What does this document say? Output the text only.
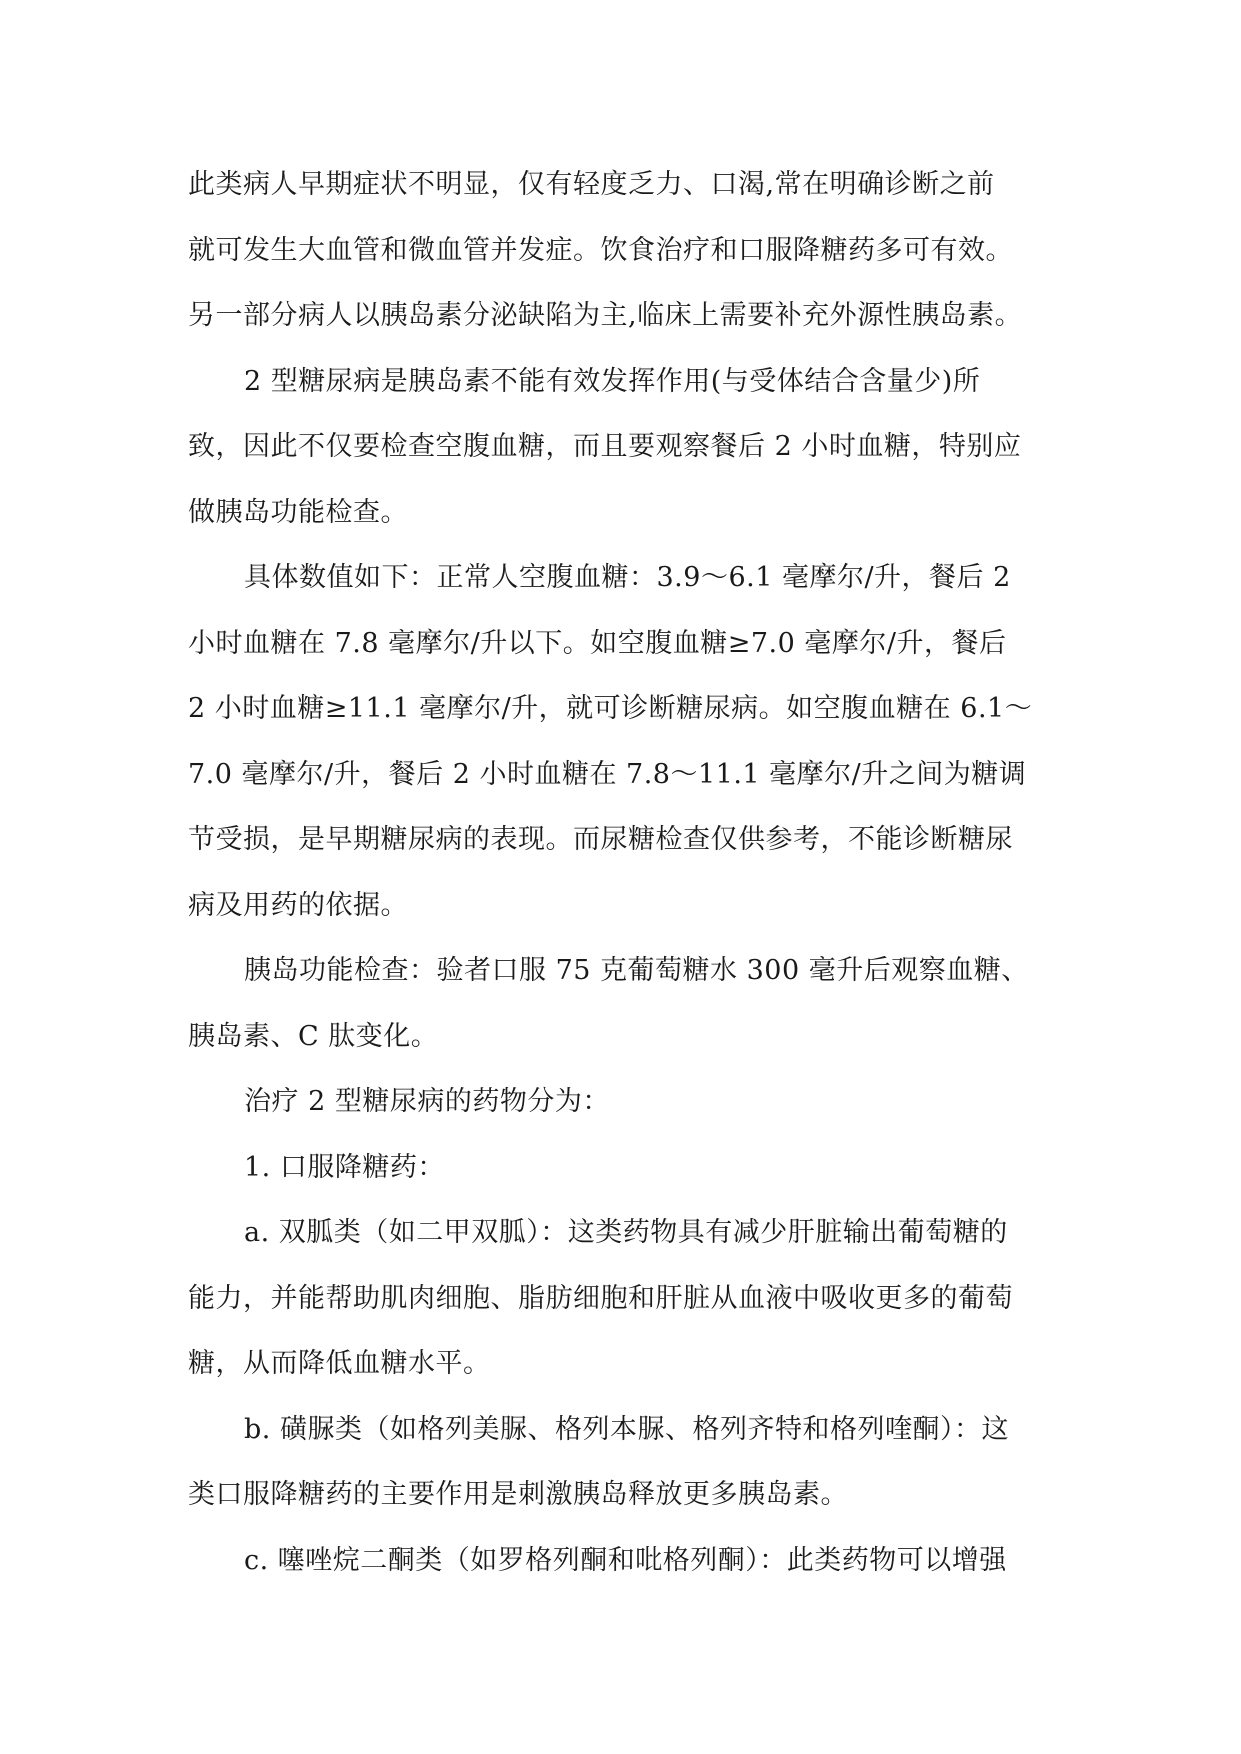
此类病人早期症状不明显，仅有轻度乏力、口渴,常在明确诊断之前
就可发生大血管和微血管并发症。饮食治疗和口服降糖药多可有效。
另一部分病人以胰岛素分泌缺陷为主,临床上需要补充外源性胰岛素。
2 型糖尿病是胰岛素不能有效发挥作用(与受体结合含量少)所
致，因此不仅要检查空腹血糖，而且要观察餐后 2 小时血糖，特别应
做胰岛功能检查。
具体数值如下：正常人空腹血糖：3.9～6.1 毫摩尔/升，餐后 2
小时血糖在 7.8 毫摩尔/升以下。如空腹血糖≥7.0 毫摩尔/升，餐后
2 小时血糖≥11.1 毫摩尔/升，就可诊断糖尿病。如空腹血糖在 6.1～
7.0 毫摩尔/升，餐后 2 小时血糖在 7.8～11.1 毫摩尔/升之间为糖调
节受损，是早期糖尿病的表现。而尿糖检查仅供参考，不能诊断糖尿
病及用药的依据。
胰岛功能检查：验者口服 75 克葡萄糖水 300 毫升后观察血糖、
胰岛素、C 肽变化。
治疗 2 型糖尿病的药物分为：
1. 口服降糖药：
a. 双胍类（如二甲双胍）：这类药物具有减少肝脏输出葡萄糖的
能力，并能帮助肌肉细胞、脂肪细胞和肝脏从血液中吸收更多的葡萄
糖，从而降低血糖水平。
b. 磺脲类（如格列美脲、格列本脲、格列齐特和格列喹酮）：这
类口服降糖药的主要作用是刺激胰岛释放更多胰岛素。
c. 噻唑烷二酮类（如罗格列酮和吡格列酮）：此类药物可以增强
